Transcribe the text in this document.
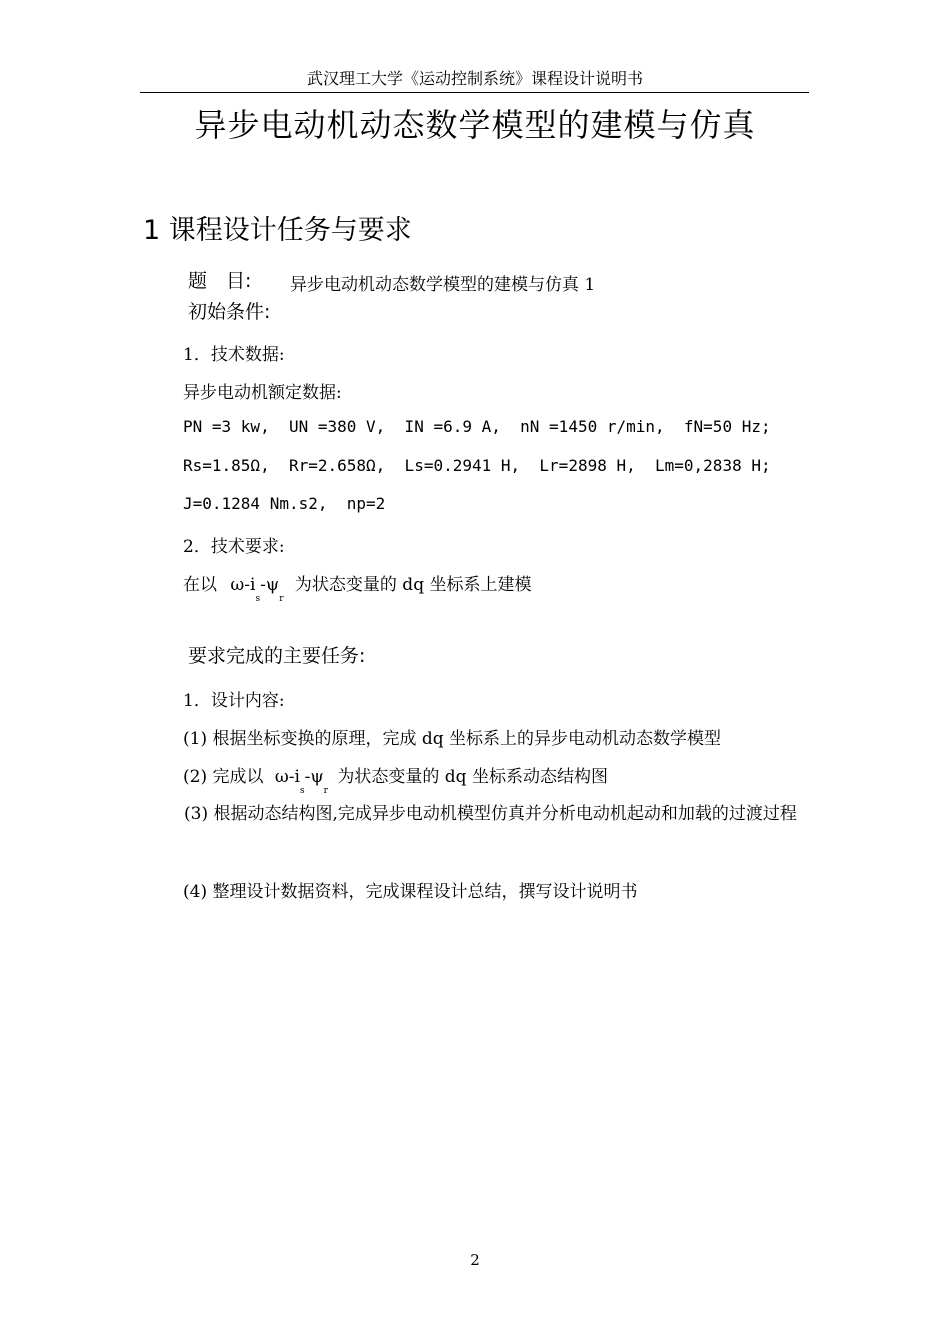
武汉理工大学《运动控制系统》课程设计说明书
异步电动机动态数学模型的建模与仿真
1 课程设计任务与要求
题　目: 异步电动机动态数学模型的建模与仿真 1
初始条件:
1．技术数据:
异步电动机额定数据:
PN =3 kw,  UN =380 V,  IN =6.9 A,  nN =1450 r/min,  fN=50 Hz;
Rs=1.85Ω,  Rr=2.658Ω,  Ls=0.2941 H,  Lr=2898 H,  Lm=0,2838 H;
J=0.1284 Nm.s2,  np=2
2．技术要求:
在以 $\omega-i_s-\psi_r$ 为状态变量的 dq 坐标系上建模
要求完成的主要任务:
1．设计内容:
(1) 根据坐标变换的原理，完成 dq 坐标系上的异步电动机动态数学模型
(2) 完成以 $\omega-i_s-\psi_r$ 为状态变量的 dq 坐标系动态结构图
(3) 根据动态结构图,完成异步电动机模型仿真并分析电动机起动和加载的过渡过程
(4) 整理设计数据资料，完成课程设计总结，撰写设计说明书
2
